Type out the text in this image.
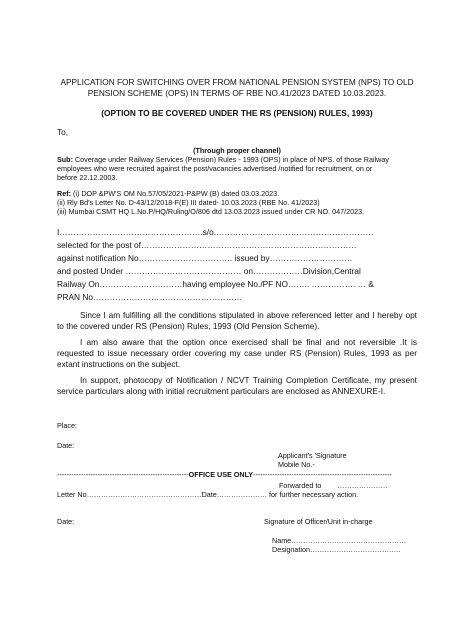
APPLICATION FOR SWITCHING OVER FROM NATIONAL PENSION SYSTEM (NPS) TO OLD
PENSION SCHEME (OPS) IN TERMS OF RBE NO.41/2023 DATED 10.03.2023.
(OPTION TO BE COVERED UNDER THE RS (PENSION) RULES, 1993)
To,
(Through proper channel)
Sub: Coverage under Railway Services (Pension) Rules - 1993 (OPS) in place of NPS. of those Railway
employees who were recruited against the post/vacancies advertised /notified for recruitment, on or
before 22.12.2003.
Ref: (i) DOP &PW'S OM No.57/05/2021-P&PW (B) dated 03.03.2023.
(ii) Rly Bd's Letter No. D-43/12/2018-F(E) III dated- 10.03.2023 (RBE No. 41/2023)
(iii) Mumbai CSMT HQ L.No.P/HQ/Ruling/O/806 dtd 13.03.2023 issued under CR NO. 047/2023.
I…………………………………………….s/o.…………………………………………………
selected for the post of……………………………………………………………………
against notification No……………………………. issued by…………………………
and posted Under …………………………………… on………………Division,Central
Railway On…………………………having employee No./PF NO…….. ……………. … &
PRAN No………………………………………………
Since I am fulfilling all the conditions stipulated in above referenced letter and I hereby opt to the covered under RS (Pension) Rules, 1993 (Old Pension Scheme).
I am also aware that the option once exercised shall be final and not reversible .It is requested to issue necessary order covering my case under RS (Pension) Rules, 1993 as per extant instructions on the subject.
In support, photocopy of Notification / NCVT Training Completion Certificate, my present service particulars along with initial recruitment particulars are enclosed as ANNEXURE-I.
Place:
Date:
Applicant's 'Signature
Mobile No.-
-------------------------------------------------------OFFICE USE ONLY----------------------------------------------------------
Forwarded to        …………………
Letter No…………………………………………Date………………… for further necessary action.
Date:	Signature of Officer/Unit in-charge
Name…………………………………………
Designation………………………………..
